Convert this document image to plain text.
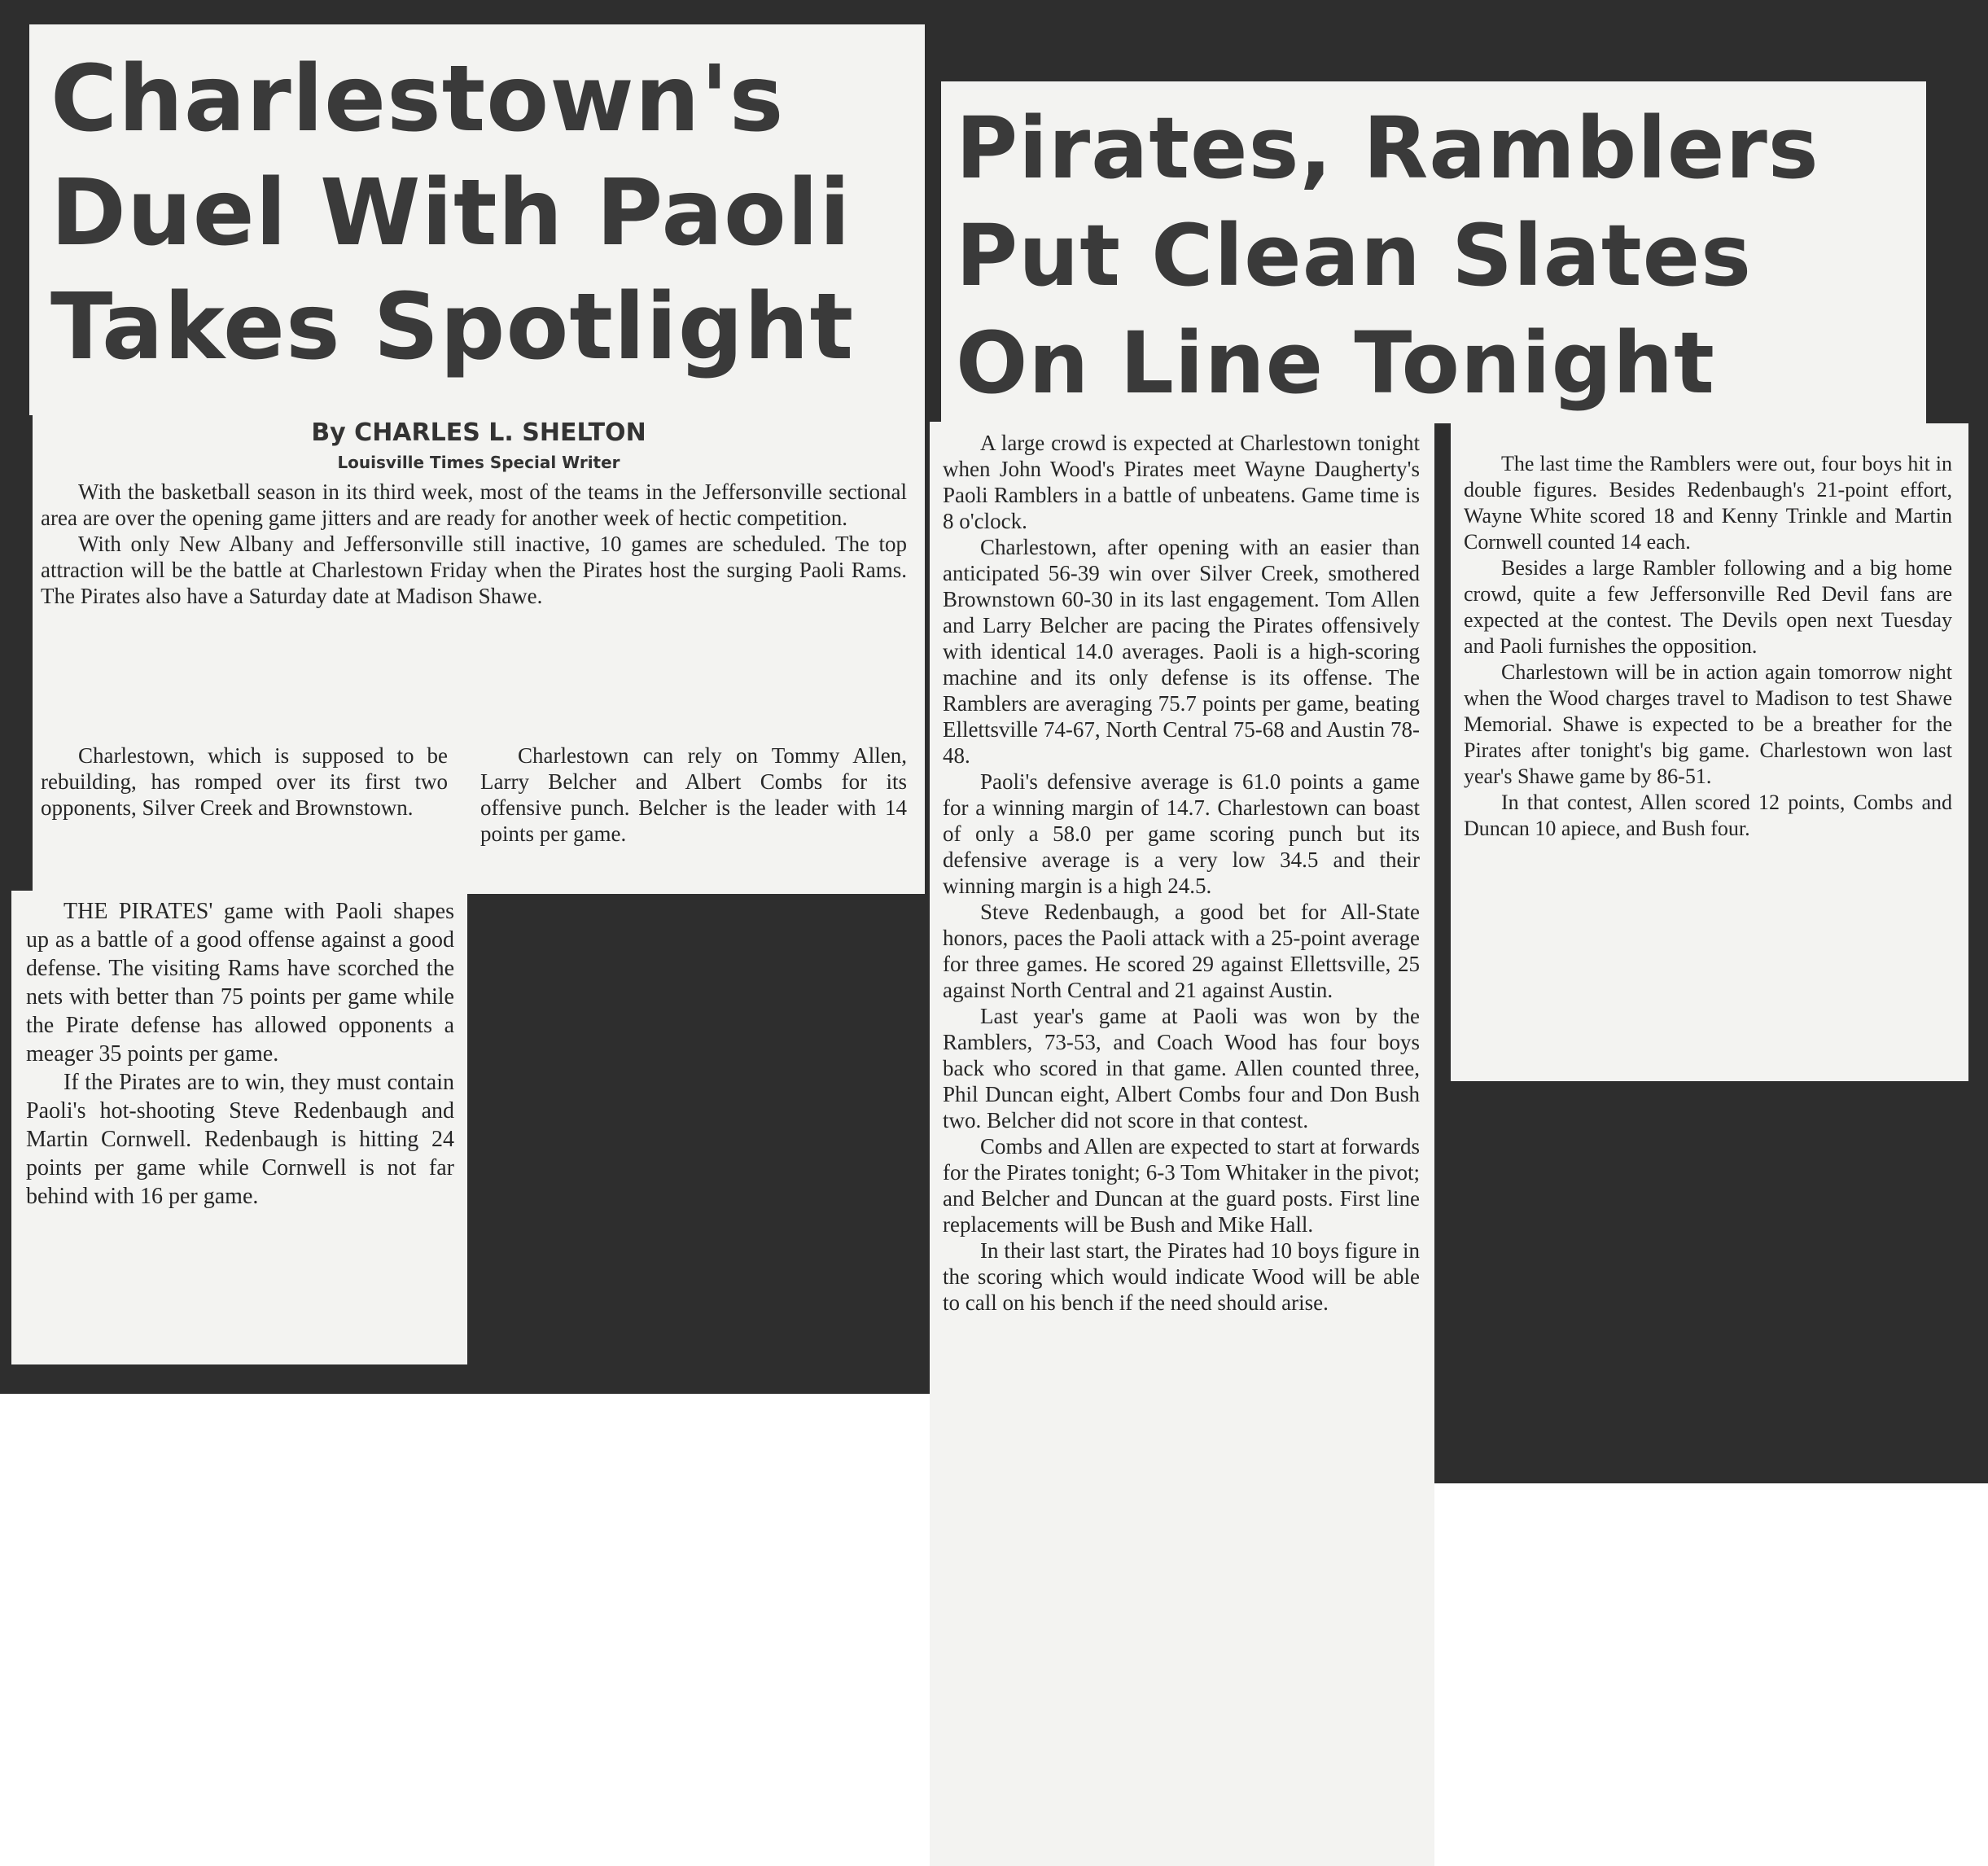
Charlestown's
Duel With Paoli
Takes Spotlight
By CHARLES L. SHELTON
Louisville Times Special Writer

With the basketball season in its third week, most of the teams in the Jeffersonville sectional area are over the opening game jitters and are ready for another week of hectic competition.

With only New Albany and Jeffersonville still inactive, 10 games are scheduled. The top attraction will be the battle at Charlestown Friday when the Pirates host the surging Paoli Rams. The Pirates also have a Saturday date at Madison Shawe.

Charlestown, which is supposed to be rebuilding, has romped over its first two opponents, Silver Creek and Brownstown.

Charlestown can rely on Tommy Allen, Larry Belcher and Albert Combs for its offensive punch. Belcher is the leader with 14 points per game.

THE PIRATES' game with Paoli shapes up as a battle of a good offense against a good defense. The visiting Rams have scorched the nets with better than 75 points per game while the Pirate defense has allowed opponents a meager 35 points per game.

If the Pirates are to win, they must contain Paoli's hot-shooting Steve Redenbaugh and Martin Cornwell. Redenbaugh is hitting 24 points per game while Cornwell is not far behind with 16 per game.

Pirates, Ramblers
Put Clean Slates
On Line Tonight

A large crowd is expected at Charlestown tonight when John Wood's Pirates meet Wayne Daugherty's Paoli Ramblers in a battle of unbeatens. Game time is 8 o'clock.

Charlestown, after opening with an easier than anticipated 56-39 win over Silver Creek, smothered Brownstown 60-30 in its last engagement. Tom Allen and Larry Belcher are pacing the Pirates offensively with identical 14.0 averages. Paoli is a high-scoring machine and its only defense is its offense. The Ramblers are averaging 75.7 points per game, beating Ellettsville 74-67, North Central 75-68 and Austin 78-48.

Paoli's defensive average is 61.0 points a game for a winning margin of 14.7. Charlestown can boast of only a 58.0 per game scoring punch but its defensive average is a very low 34.5 and their winning margin is a high 24.5.

Steve Redenbaugh, a good bet for All-State honors, paces the Paoli attack with a 25-point average for three games. He scored 29 against Ellettsville, 25 against North Central and 21 against Austin.

Last year's game at Paoli was won by the Ramblers, 73-53, and Coach Wood has four boys back who scored in that game. Allen counted three, Phil Duncan eight, Albert Combs four and Don Bush two. Belcher did not score in that contest.

Combs and Allen are expected to start at forwards for the Pirates tonight; 6-3 Tom Whitaker in the pivot; and Belcher and Duncan at the guard posts. First line replacements will be Bush and Mike Hall.

In their last start, the Pirates had 10 boys figure in the scoring which would indicate Wood will be able to call on his bench if the need should arise.

The last time the Ramblers were out, four boys hit in double figures. Besides Redenbaugh's 21-point effort, Wayne White scored 18 and Kenny Trinkle and Martin Cornwell counted 14 each.

Besides a large Rambler following and a big home crowd, quite a few Jeffersonville Red Devil fans are expected at the contest. The Devils open next Tuesday and Paoli furnishes the opposition.

Charlestown will be in action again tomorrow night when the Wood charges travel to Madison to test Shawe Memorial. Shawe is expected to be a breather for the Pirates after tonight's big game. Charlestown won last year's Shawe game by 86-51.

In that contest, Allen scored 12 points, Combs and Duncan 10 apiece, and Bush four.
